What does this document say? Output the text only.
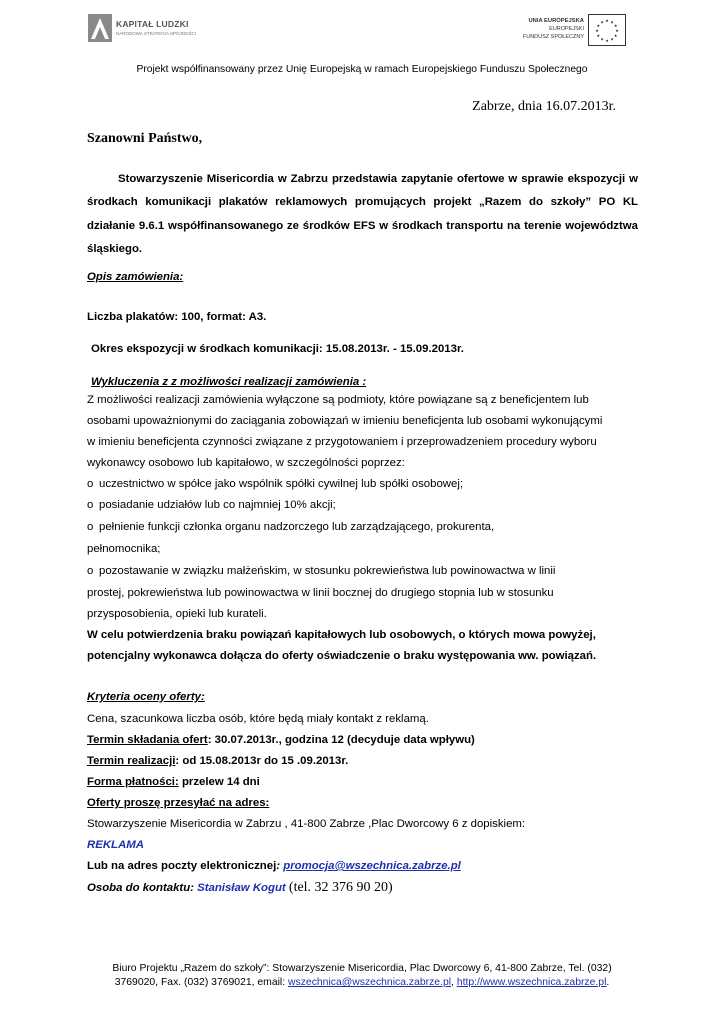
KAPITAŁ LUDZKI
NARODOWA STRATEGIA SPÓJNOŚCI
UNIA EUROPEJSKA
EUROPEJSKI
FUNDUSZ SPOŁECZNY
★ ★
★
★
★
★
★
★
★
★
★
★
Projekt współfinansowany przez Unię Europejską w ramach Europejskiego Funduszu Społecznego
Zabrze, dnia 16.07.2013r.
Szanowni Państwo,
Stowarzyszenie Misericordia w Zabrzu przedstawia zapytanie ofertowe w sprawie ekspozycji w środkach komunikacji plakatów reklamowych promujących projekt „Razem do szkoły” PO KL działanie 9.6.1 współfinansowanego ze środków EFS w środkach transportu na terenie województwa śląskiego.
Opis zamówienia:
Liczba plakatów: 100, format: A3.
Okres ekspozycji w środkach komunikacji: 15.08.2013r. - 15.09.2013r.
Wykluczenia z z możliwości realizacji zamówienia :
Z możliwości realizacji zamówienia wyłączone są podmioty, które powiązane są z beneficjentem lub
osobami upoważnionymi do zaciągania zobowiązań w imieniu beneficjenta lub osobami wykonującymi
w imieniu beneficjenta czynności związane z przygotowaniem i przeprowadzeniem procedury wyboru
wykonawcy osobowo lub kapitałowo, w szczególności poprzez:
o uczestnictwo w spółce jako wspólnik spółki cywilnej lub spółki osobowej;
o posiadanie udziałów lub co najmniej 10% akcji;
o pełnienie funkcji członka organu nadzorczego lub zarządzającego, prokurenta,
pełnomocnika;
o pozostawanie w związku małżeńskim, w stosunku pokrewieństwa lub powinowactwa w linii
prostej, pokrewieństwa lub powinowactwa w linii bocznej do drugiego stopnia lub w stosunku
przysposobienia, opieki lub kurateli.
W celu potwierdzenia braku powiązań kapitałowych lub osobowych, o których mowa powyżej,
potencjalny wykonawca dołącza do oferty oświadczenie o braku występowania ww. powiązań.
Kryteria oceny oferty:
Cena, szacunkowa liczba osób, które będą miały kontakt z reklamą.
Termin składania ofert: 30.07.2013r., godzina 12 (decyduje data wpływu)
Termin realizacji: od 15.08.2013r do 15 .09.2013r.
Forma płatności: przelew 14 dni
Oferty proszę przesyłać na adres:
Stowarzyszenie Misericordia w Zabrzu , 41-800 Zabrze ,Plac Dworcowy 6 z dopiskiem:
REKLAMA
Lub na adres poczty elektronicznej: promocja@wszechnica.zabrze.pl
Osoba do kontaktu: Stanisław Kogut (tel. 32 376 90 20)
Biuro Projektu „Razem do szkoły”: Stowarzyszenie Misericordia, Plac Dworcowy 6, 41-800 Zabrze, Tel. (032)
3769020, Fax. (032) 3769021, email: wszechnica@wszechnica.zabrze.pl, http://www.wszechnica.zabrze.pl.
